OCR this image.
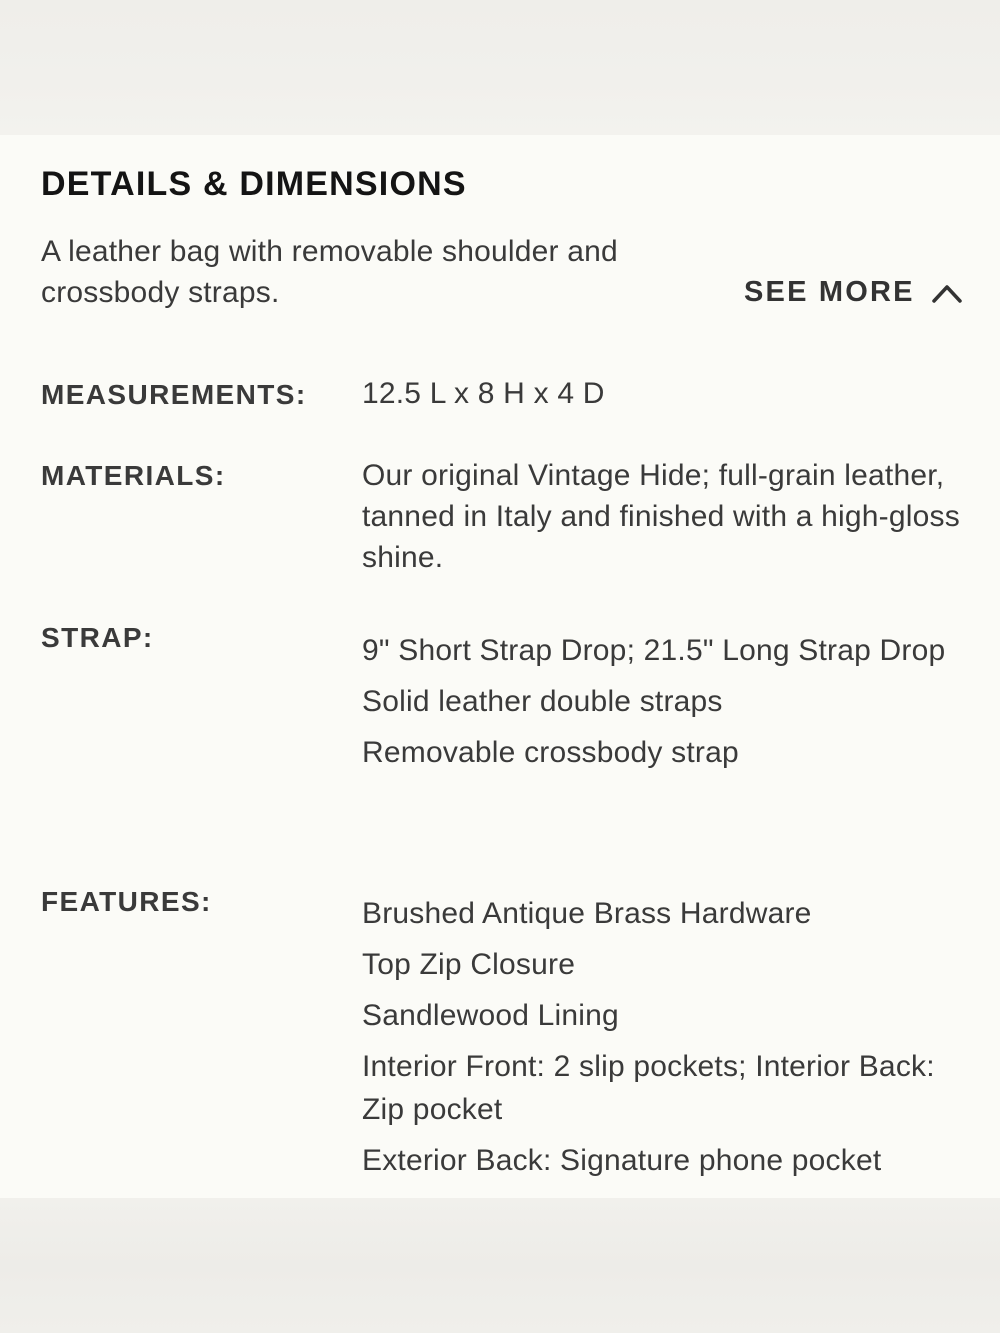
DETAILS & DIMENSIONS
A leather bag with removable shoulder and crossbody straps.	SEE MORE
MEASUREMENTS: 12.5 L x 8 H x 4 D
MATERIALS:	Our original Vintage Hide; full-grain leather, tanned in Italy and finished with a high-gloss shine.
STRAP:	9" Short Strap Drop; 21.5" Long Strap Drop
Solid leather double straps
Removable crossbody strap
FEATURES:	Brushed Antique Brass Hardware
Top Zip Closure
Sandlewood Lining
Interior Front: 2 slip pockets; Interior Back: Zip pocket
Exterior Back: Signature phone pocket
